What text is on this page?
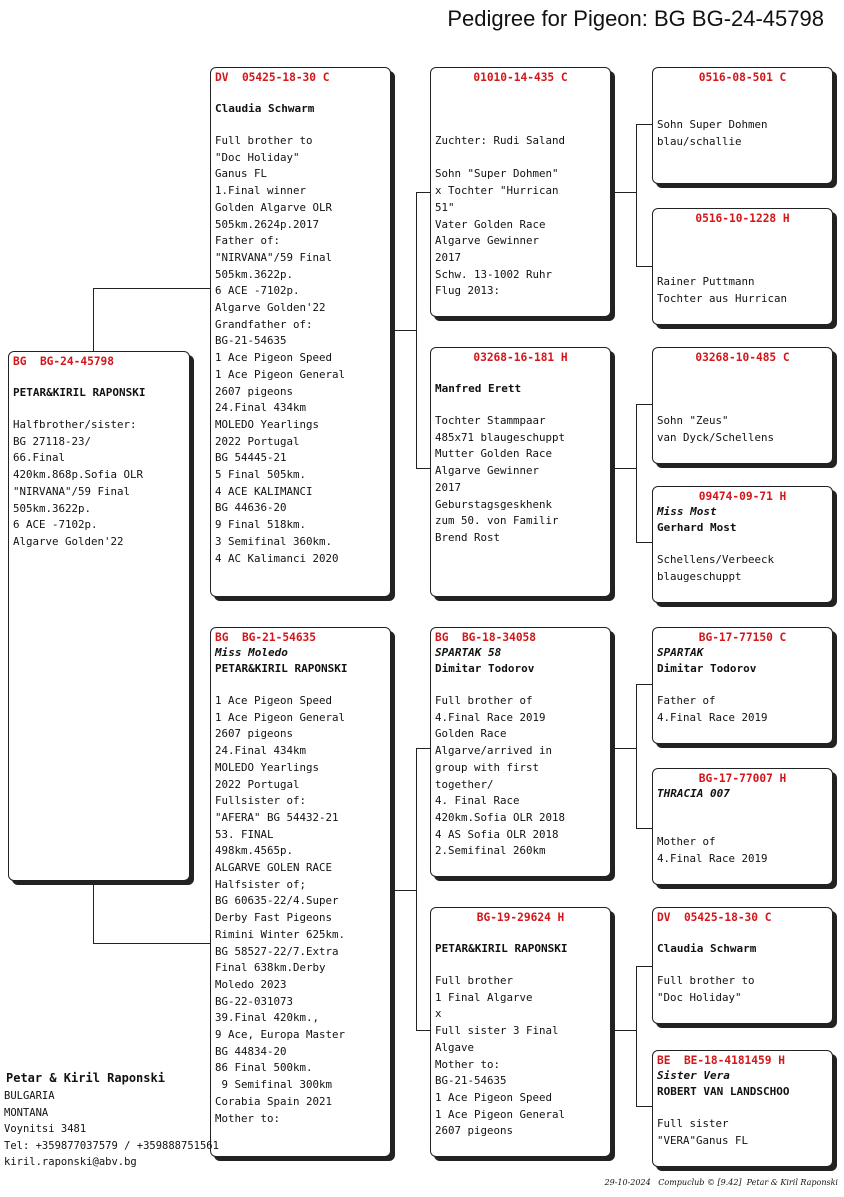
Pedigree for Pigeon: BG BG-24-45798
BG  BG-24-45798
PETAR&KIRIL RAPONSKI
Halfbrother/sister:
BG 27118-23/
66.Final
420km.868p.Sofia OLR
"NIRVANA"/59 Final
505km.3622p.
6 ACE -7102p.
Algarve Golden'22
DV  05425-18-30 C
Claudia Schwarm
Full brother to
"Doc Holiday"
Ganus FL
1.Final winner
Golden Algarve OLR
505km.2624p.2017
Father of:
"NIRVANA"/59 Final
505km.3622p.
6 ACE -7102p.
Algarve Golden'22
Grandfather of:
BG-21-54635
1 Ace Pigeon Speed
1 Ace Pigeon General
2607 pigeons
24.Final 434km
MOLEDO Yearlings
2022 Portugal
BG 54445-21
5 Final 505km.
4 ACE KALIMANCI
BG 44636-20
9 Final 518km.
3 Semifinal 360km.
4 AC Kalimanci 2020
BG  BG-21-54635
Miss Moledo
PETAR&KIRIL RAPONSKI
1 Ace Pigeon Speed
1 Ace Pigeon General
2607 pigeons
24.Final 434km
MOLEDO Yearlings
2022 Portugal
Fullsister of:
"AFERA" BG 54432-21
53. FINAL
498km.4565p.
ALGARVE GOLEN RACE
Halfsister of;
BG 60635-22/4.Super
Derby Fast Pigeons
Rimini Winter 625km.
BG 58527-22/7.Extra
Final 638km.Derby
Moledo 2023
BG-22-031073
39.Final 420km.,
9 Ace, Europa Master
BG 44834-20
86 Final 500km.
9 Semifinal 300km
Corabia Spain 2021
Mother to:
01010-14-435 C
Zuchter: Rudi Saland

Sohn "Super Dohmen"
x Tochter "Hurrican
51"
Vater Golden Race
Algarve Gewinner
2017
Schw. 13-1002 Ruhr
Flug 2013:
03268-16-181 H
Manfred Erett
Tochter Stammpaar
485x71 blaugeschuppt
Mutter Golden Race
Algarve Gewinner
2017
Geburstagsgeskhenk
zum 50. von Familir
Brend Rost
BG  BG-18-34058
SPARTAK 58
Dimitar Todorov
Full brother of
4.Final Race 2019
Golden Race
Algarve/arrived in
group with first
together/
4. Final Race
420km.Sofia OLR 2018
4 AS Sofia OLR 2018
2.Semifinal 260km
BG-19-29624 H
PETAR&KIRIL RAPONSKI
Full brother
1 Final Algarve
x
Full sister 3 Final
Algave
Mother to:
BG-21-54635
1 Ace Pigeon Speed
1 Ace Pigeon General
2607 pigeons
0516-08-501 C
Sohn Super Dohmen
blau/schallie
0516-10-1228 H
Rainer Puttmann
Tochter aus Hurrican
03268-10-485 C
Sohn "Zeus"
van Dyck/Schellens
09474-09-71 H
Miss Most
Gerhard Most
Schellens/Verbeeck
blaugeschuppt
BG-17-77150 C
SPARTAK
Dimitar Todorov
Father of
4.Final Race 2019
BG-17-77007 H
THRACIA 007
Mother of
4.Final Race 2019
DV  05425-18-30 C
Claudia Schwarm
Full brother to
"Doc Holiday"
BE  BE-18-4181459 H
Sister Vera
ROBERT VAN LANDSCHOO
Full sister
"VERA"Ganus FL
Petar & Kiril Raponski
BULGARIA
MONTANA
Voynitsi 3481
Tel: +359877037579 / +359888751561
kiril.raponski@abv.bg
29-10-2024   Compuclub © [9.42]  Petar & Kiril Raponski
